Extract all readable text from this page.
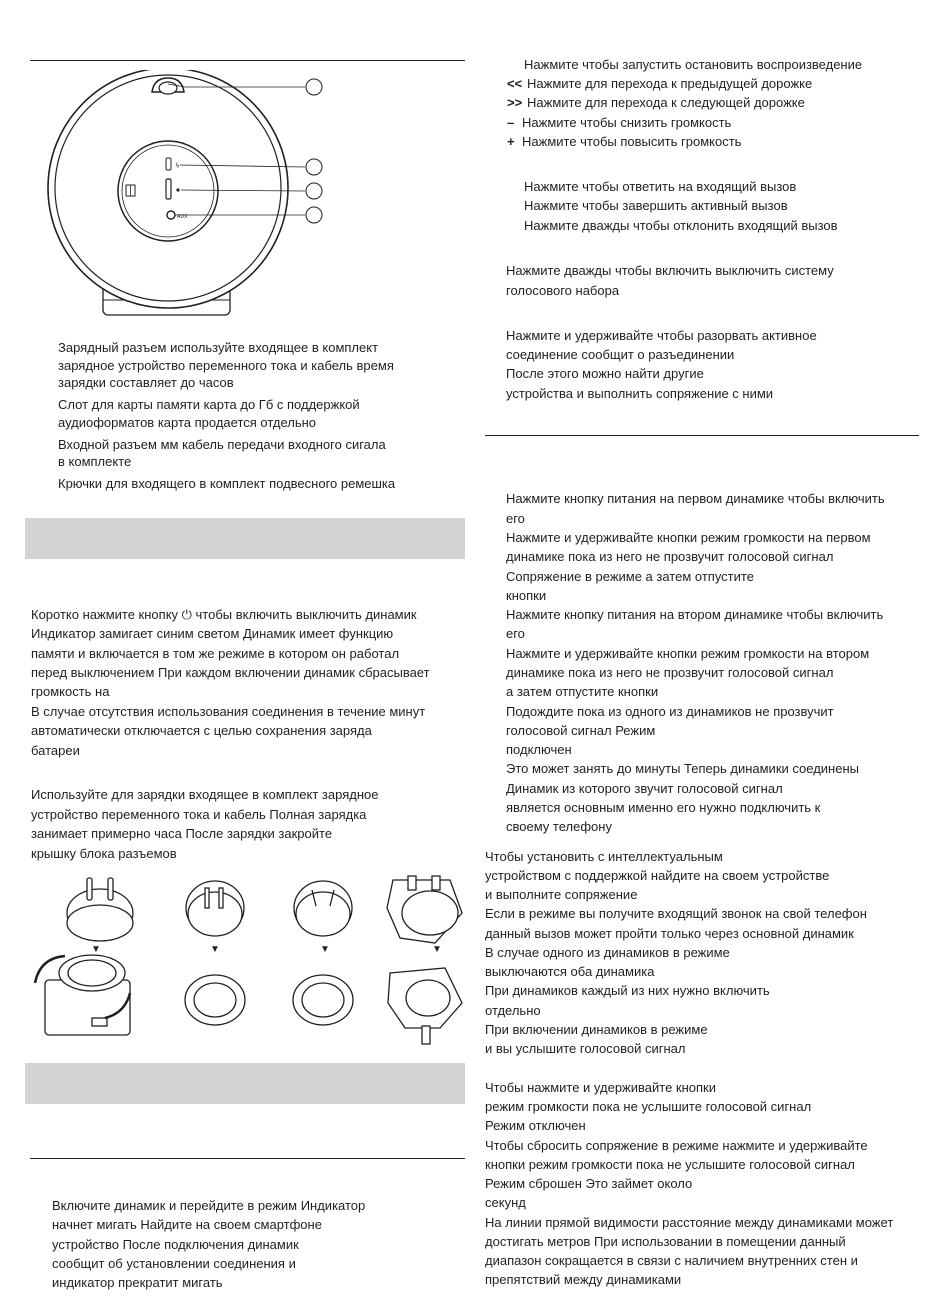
ϟ
AUX
Зарядный разъем используйте входящее в комплект
зарядное устройство переменного тока и кабель время
зарядки составляет до часов
Слот для карты памяти карта до Гб с поддержкой
аудиоформатов карта продается отдельно
Входной разъем мм кабель передачи входного сигала
в комплекте
Крючки для входящего в комплект подвесного ремешка
Коротко нажмите кнопку ⏻ чтобы включить выключить динамик
Индикатор замигает синим светом Динамик имеет функцию
памяти и включается в том же режиме в котором он работал
перед выключением При каждом включении динамик сбрасывает
громкость на
В случае отсутствия использования соединения в течение минут
автоматически отключается с целью сохранения заряда
батареи
Используйте для зарядки входящее в комплект зарядное
устройство переменного тока и кабель Полная зарядка
занимает примерно часа После зарядки закройте
крышку блока разъемов
▼	▼	▼	▼
Включите динамик и перейдите в режим Индикатор
начнет мигать Найдите на своем смартфоне
устройство После подключения динамик
сообщит об установлении соединения и
индикатор прекратит мигать
Нажмите чтобы запустить остановить воспроизведение
<< Нажмите для перехода к предыдущей дорожке
>> Нажмите для перехода к следующей дорожке
– Нажмите чтобы снизить громкость
+ Нажмите чтобы повысить громкость
Нажмите чтобы ответить на входящий вызов
Нажмите чтобы завершить активный вызов
Нажмите дважды чтобы отклонить входящий вызов
Нажмите дважды чтобы включить выключить систему
голосового набора
Нажмите и удерживайте чтобы разорвать активное
соединение сообщит о разъединении
После этого можно найти другие
устройства и выполнить сопряжение с ними
Нажмите кнопку питания на первом динамике чтобы включить
его
Нажмите и удерживайте кнопки режим громкости на первом
динамике пока из него не прозвучит голосовой сигнал
Сопряжение в режиме а затем отпустите
кнопки
Нажмите кнопку питания на втором динамике чтобы включить
его
Нажмите и удерживайте кнопки режим громкости на втором
динамике пока из него не прозвучит голосовой сигнал
а затем отпустите кнопки
Подождите пока из одного из динамиков не прозвучит
голосовой сигнал Режим
подключен
Это может занять до минуты Теперь динамики соединены
Динамик из которого звучит голосовой сигнал
является основным именно его нужно подключить к
своему телефону
Чтобы установить с интеллектуальным
устройством с поддержкой найдите на своем устройстве
и выполните сопряжение
Если в режиме вы получите входящий звонок на свой телефон
данный вызов может пройти только через основной динамик
В случае одного из динамиков в режиме
выключаются оба динамика
При динамиков каждый из них нужно включить
отдельно
При включении динамиков в режиме
и вы услышите голосовой сигнал
Чтобы нажмите и удерживайте кнопки
режим громкости пока не услышите голосовой сигнал
Режим отключен
Чтобы сбросить сопряжение в режиме нажмите и удерживайте
кнопки режим громкости пока не услышите голосовой сигнал
Режим сброшен Это займет около
секунд
На линии прямой видимости расстояние между динамиками может
достигать метров При использовании в помещении данный
диапазон сокращается в связи с наличием внутренних стен и
препятствий между динамиками
